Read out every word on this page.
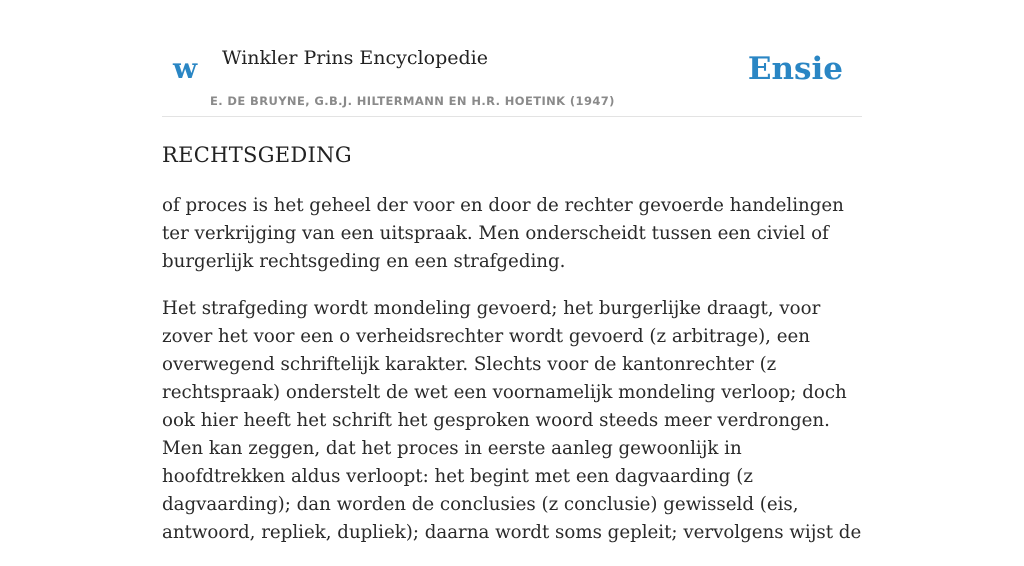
w Winkler Prins Encyclopedie
E. DE BRUYNE, G.B.J. HILTERMANN EN H.R. HOETINK (1947)
Ensie
RECHTSGEDING

of proces is het geheel der voor en door de rechter gevoerde handelingen ter verkrijging van een uitspraak. Men onderscheidt tussen een civiel of burgerlijk rechtsgeding en een strafgeding.

Het strafgeding wordt mondeling gevoerd; het burgerlijke draagt, voor zover het voor een o verheidsrechter wordt gevoerd (z arbitrage), een overwegend schriftelijk karakter. Slechts voor de kantonrechter (z rechtspraak) onderstelt de wet een voornamelijk mondeling verloop; doch ook hier heeft het schrift het gesproken woord steeds meer verdrongen. Men kan zeggen, dat het proces in eerste aanleg gewoonlijk in hoofdtrekken aldus verloopt: het begint met een dagvaarding (z dagvaarding); dan worden de conclusies (z conclusie) gewisseld (eis, antwoord, repliek, dupliek); daarna wordt soms gepleit; vervolgens wijst de
